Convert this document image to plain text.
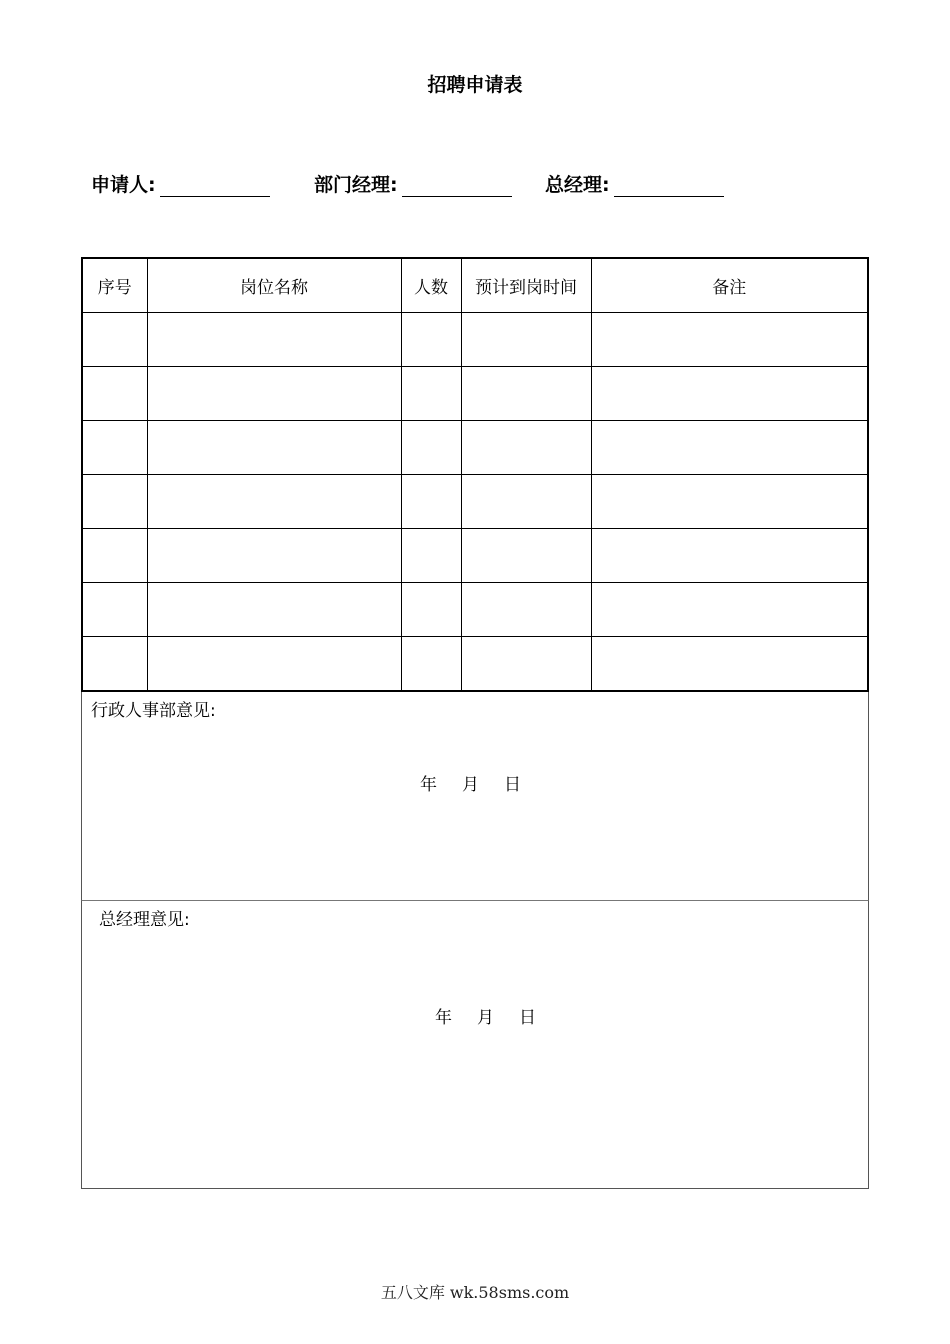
招聘申请表
申请人:	部门经理:	总经理:
序号	岗位名称	人数	预计到岗时间	备注

行政人事部意见:
年 月 日
总经理意见:
年 月 日
五八文库 wk.58sms.com
